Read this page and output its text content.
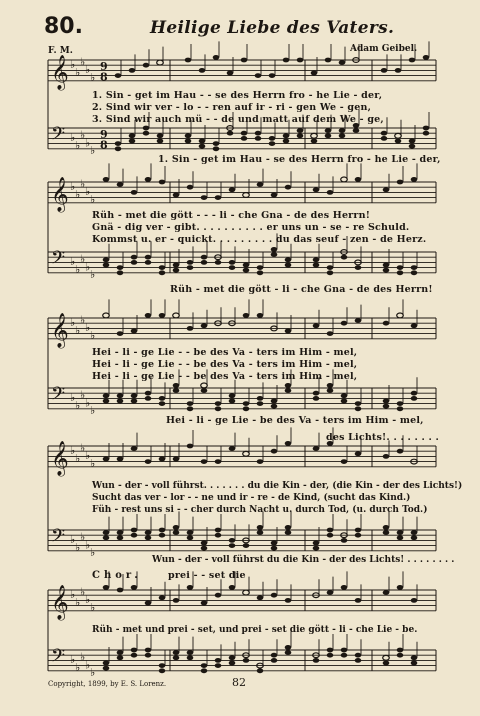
𝄞 ♭
♭
♭
♭
♭
9
8
𝄢 ♭
♭
♭
♭
♭
9
8
𝄞 ♭
♭
♭
♭
♭
𝄢 ♭
♭
♭
♭
♭
𝄞 ♭
♭
♭
♭
♭
𝄢 ♭
♭
♭
♭
♭
𝄞 ♭
♭
♭
♭
♭
𝄢 ♭
♭
♭
♭
♭
𝄞 ♭
♭
♭
♭
♭
𝄢 ♭
♭
♭
♭
♭
80.	Heilige Liebe des Vaters.
F. M.	Adam Geibel.
1. Sin - get im Hau - - se des Herrn fro - he Lie - der,
2. Sind wir ver - lo - - ren auf ir - ri - gen We - gen,
3. Sind wir auch mü - - de und matt auf dem We - ge,
1. Sin - get im Hau - se des Herrn fro - he Lie - der,
Rüh - met die gött - - - li - che Gna - de des Herrn!
Gnä - dig ver - gibt. . . . . . . . . . er uns un - se - re Schuld.
Kommst u. er - quickt. . . . . . . . . du das seuf - zen - de Herz.
Rüh - met die gött - li - che Gna - de des Herrn!
Hei - li - ge Lie - - be des Va - ters im Him - mel,
Hei - li - ge Lie - - be des Va - ters im Him - mel,
Hei - li - ge Lie - - be des Va - ters im Him - mel,
Hei - li - ge Lie - be des Va - ters im Him - mel,
des Lichts!. . . . . . . .
Wun - der - voll führst. . . . . . . du die Kin - der, (die Kin - der des Lichts!)
Sucht das ver - lor - - ne und ir - re - de Kind, (sucht das Kind.)
Füh - rest uns si - - cher durch Nacht u. durch Tod, (u. durch Tod.)
Wun - der - voll führst du die Kin - der des Lichts! . . . . . . . .
Chor.	prei - - set die
Rüh - met und prei - set, und prei - set die gött - li - che Lie - be.
Copyright, 1899, by E. S. Lorenz.	82
